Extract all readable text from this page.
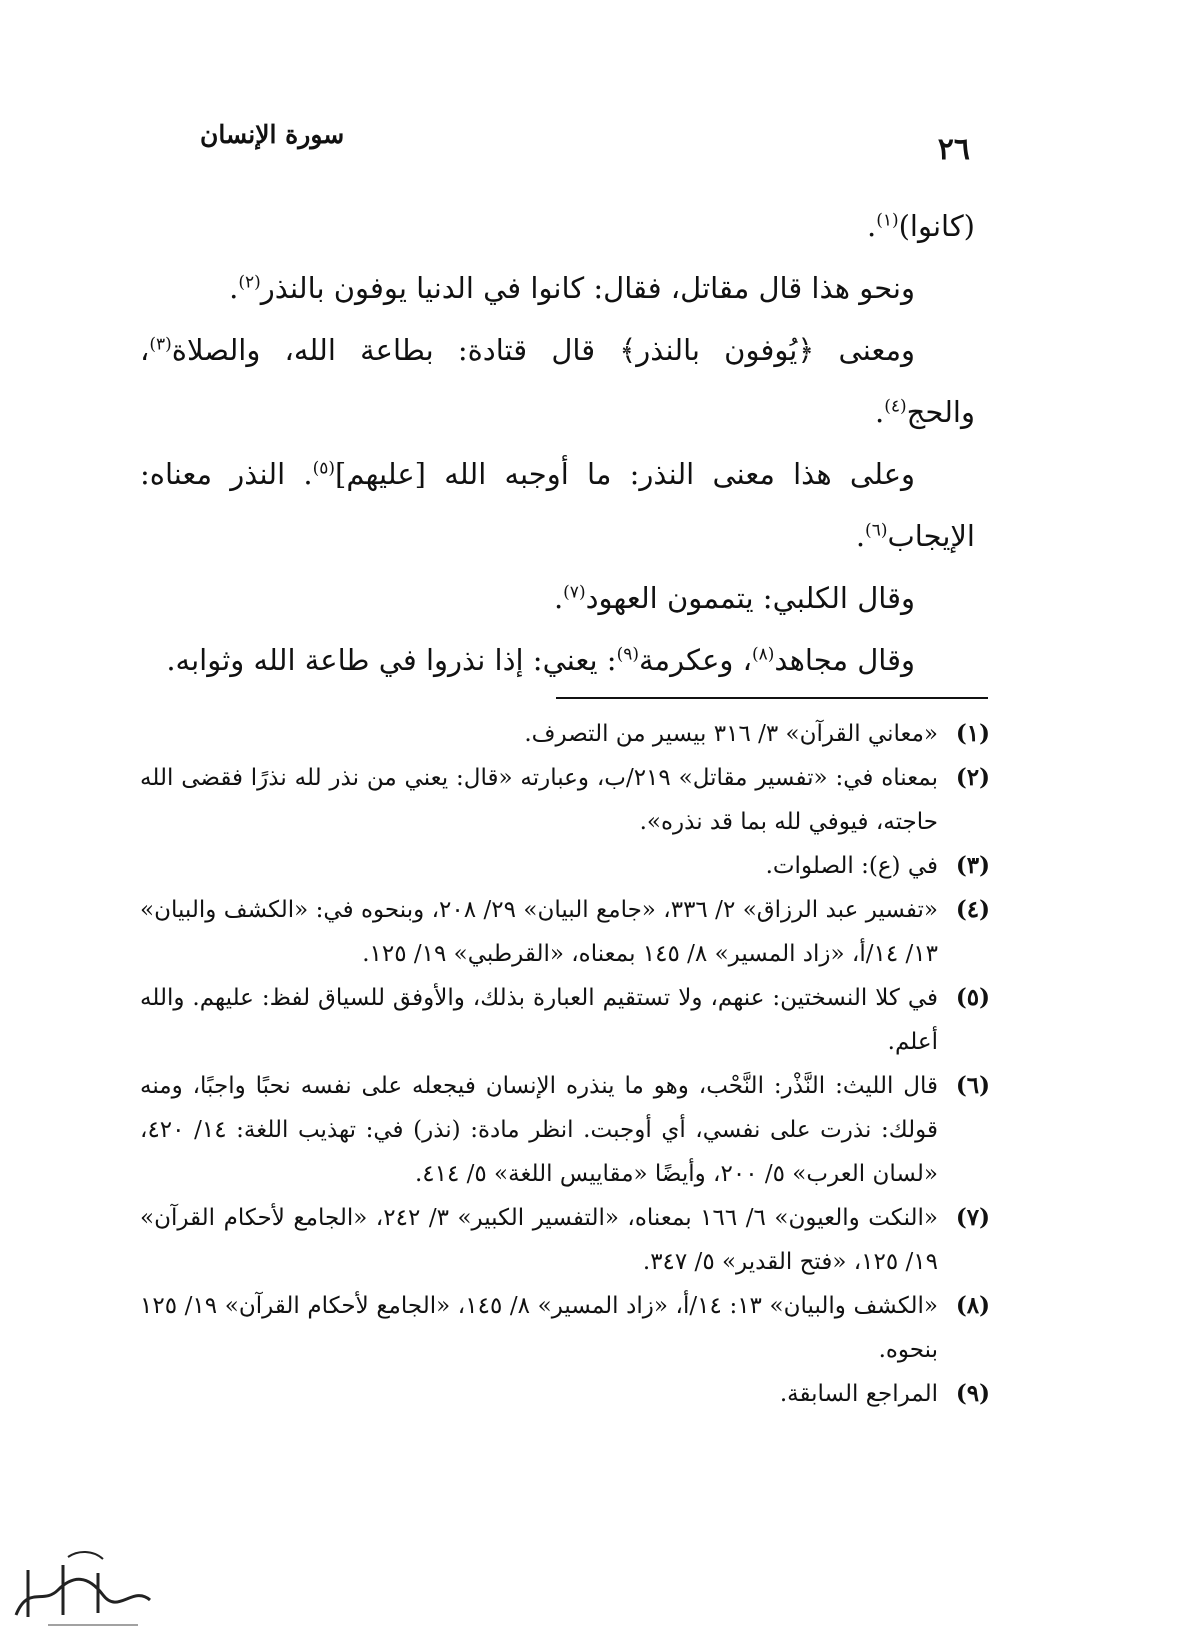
٢٦
سورة الإنسان

(كانوا)$^{(١)}$.

ونحو هذا قال مقاتل، فقال: كانوا في الدنيا يوفون بالنذر$^{(٢)}$.

ومعنى ﴿يُوفون بالنذر﴾ قال قتادة: بطاعة الله، والصلاة$^{(٣)}$، والحج$^{(٤)}$.

وعلى هذا معنى النذر: ما أوجبه الله [عليهم]$^{(٥)}$. النذر معناه: الإيجاب$^{(٦)}$.

وقال الكلبي: يتممون العهود$^{(٧)}$.

وقال مجاهد$^{(٨)}$، وعكرمة$^{(٩)}$: يعني: إذا نذروا في طاعة الله وثوابه.

(١)
«معاني القرآن» ٣/ ٣١٦ بيسير من التصرف.
(٢)
بمعناه في: «تفسير مقاتل» ٢١٩/ب، وعبارته «قال: يعني من نذر لله نذرًا فقضى الله حاجته، فيوفي لله بما قد نذره».
(٣)
في (ع): الصلوات.
(٤)
«تفسير عبد الرزاق» ٢/ ٣٣٦، «جامع البيان» ٢٩/ ٢٠٨، وبنحوه في: «الكشف والبيان» ١٣/ ١٤/أ، «زاد المسير» ٨/ ١٤٥ بمعناه، «القرطبي» ١٩/ ١٢٥.
(٥)
في كلا النسختين: عنهم، ولا تستقيم العبارة بذلك، والأوفق للسياق لفظ: عليهم. والله أعلم.
(٦)
قال الليث: النَّذْر: النَّحْب، وهو ما ينذره الإنسان فيجعله على نفسه نحبًا واجبًا، ومنه قولك: نذرت على نفسي، أي أوجبت. انظر مادة: (نذر) في: تهذيب اللغة: ١٤/ ٤٢٠، «لسان العرب» ٥/ ٢٠٠، وأيضًا «مقاييس اللغة» ٥/ ٤١٤.
(٧)
«النكت والعيون» ٦/ ١٦٦ بمعناه، «التفسير الكبير» ٣/ ٢٤٢، «الجامع لأحكام القرآن» ١٩/ ١٢٥، «فتح القدير» ٥/ ٣٤٧.
(٨)
«الكشف والبيان» ١٣: ١٤/أ، «زاد المسير» ٨/ ١٤٥، «الجامع لأحكام القرآن» ١٩/ ١٢٥ بنحوه.
(٩)
المراجع السابقة.
